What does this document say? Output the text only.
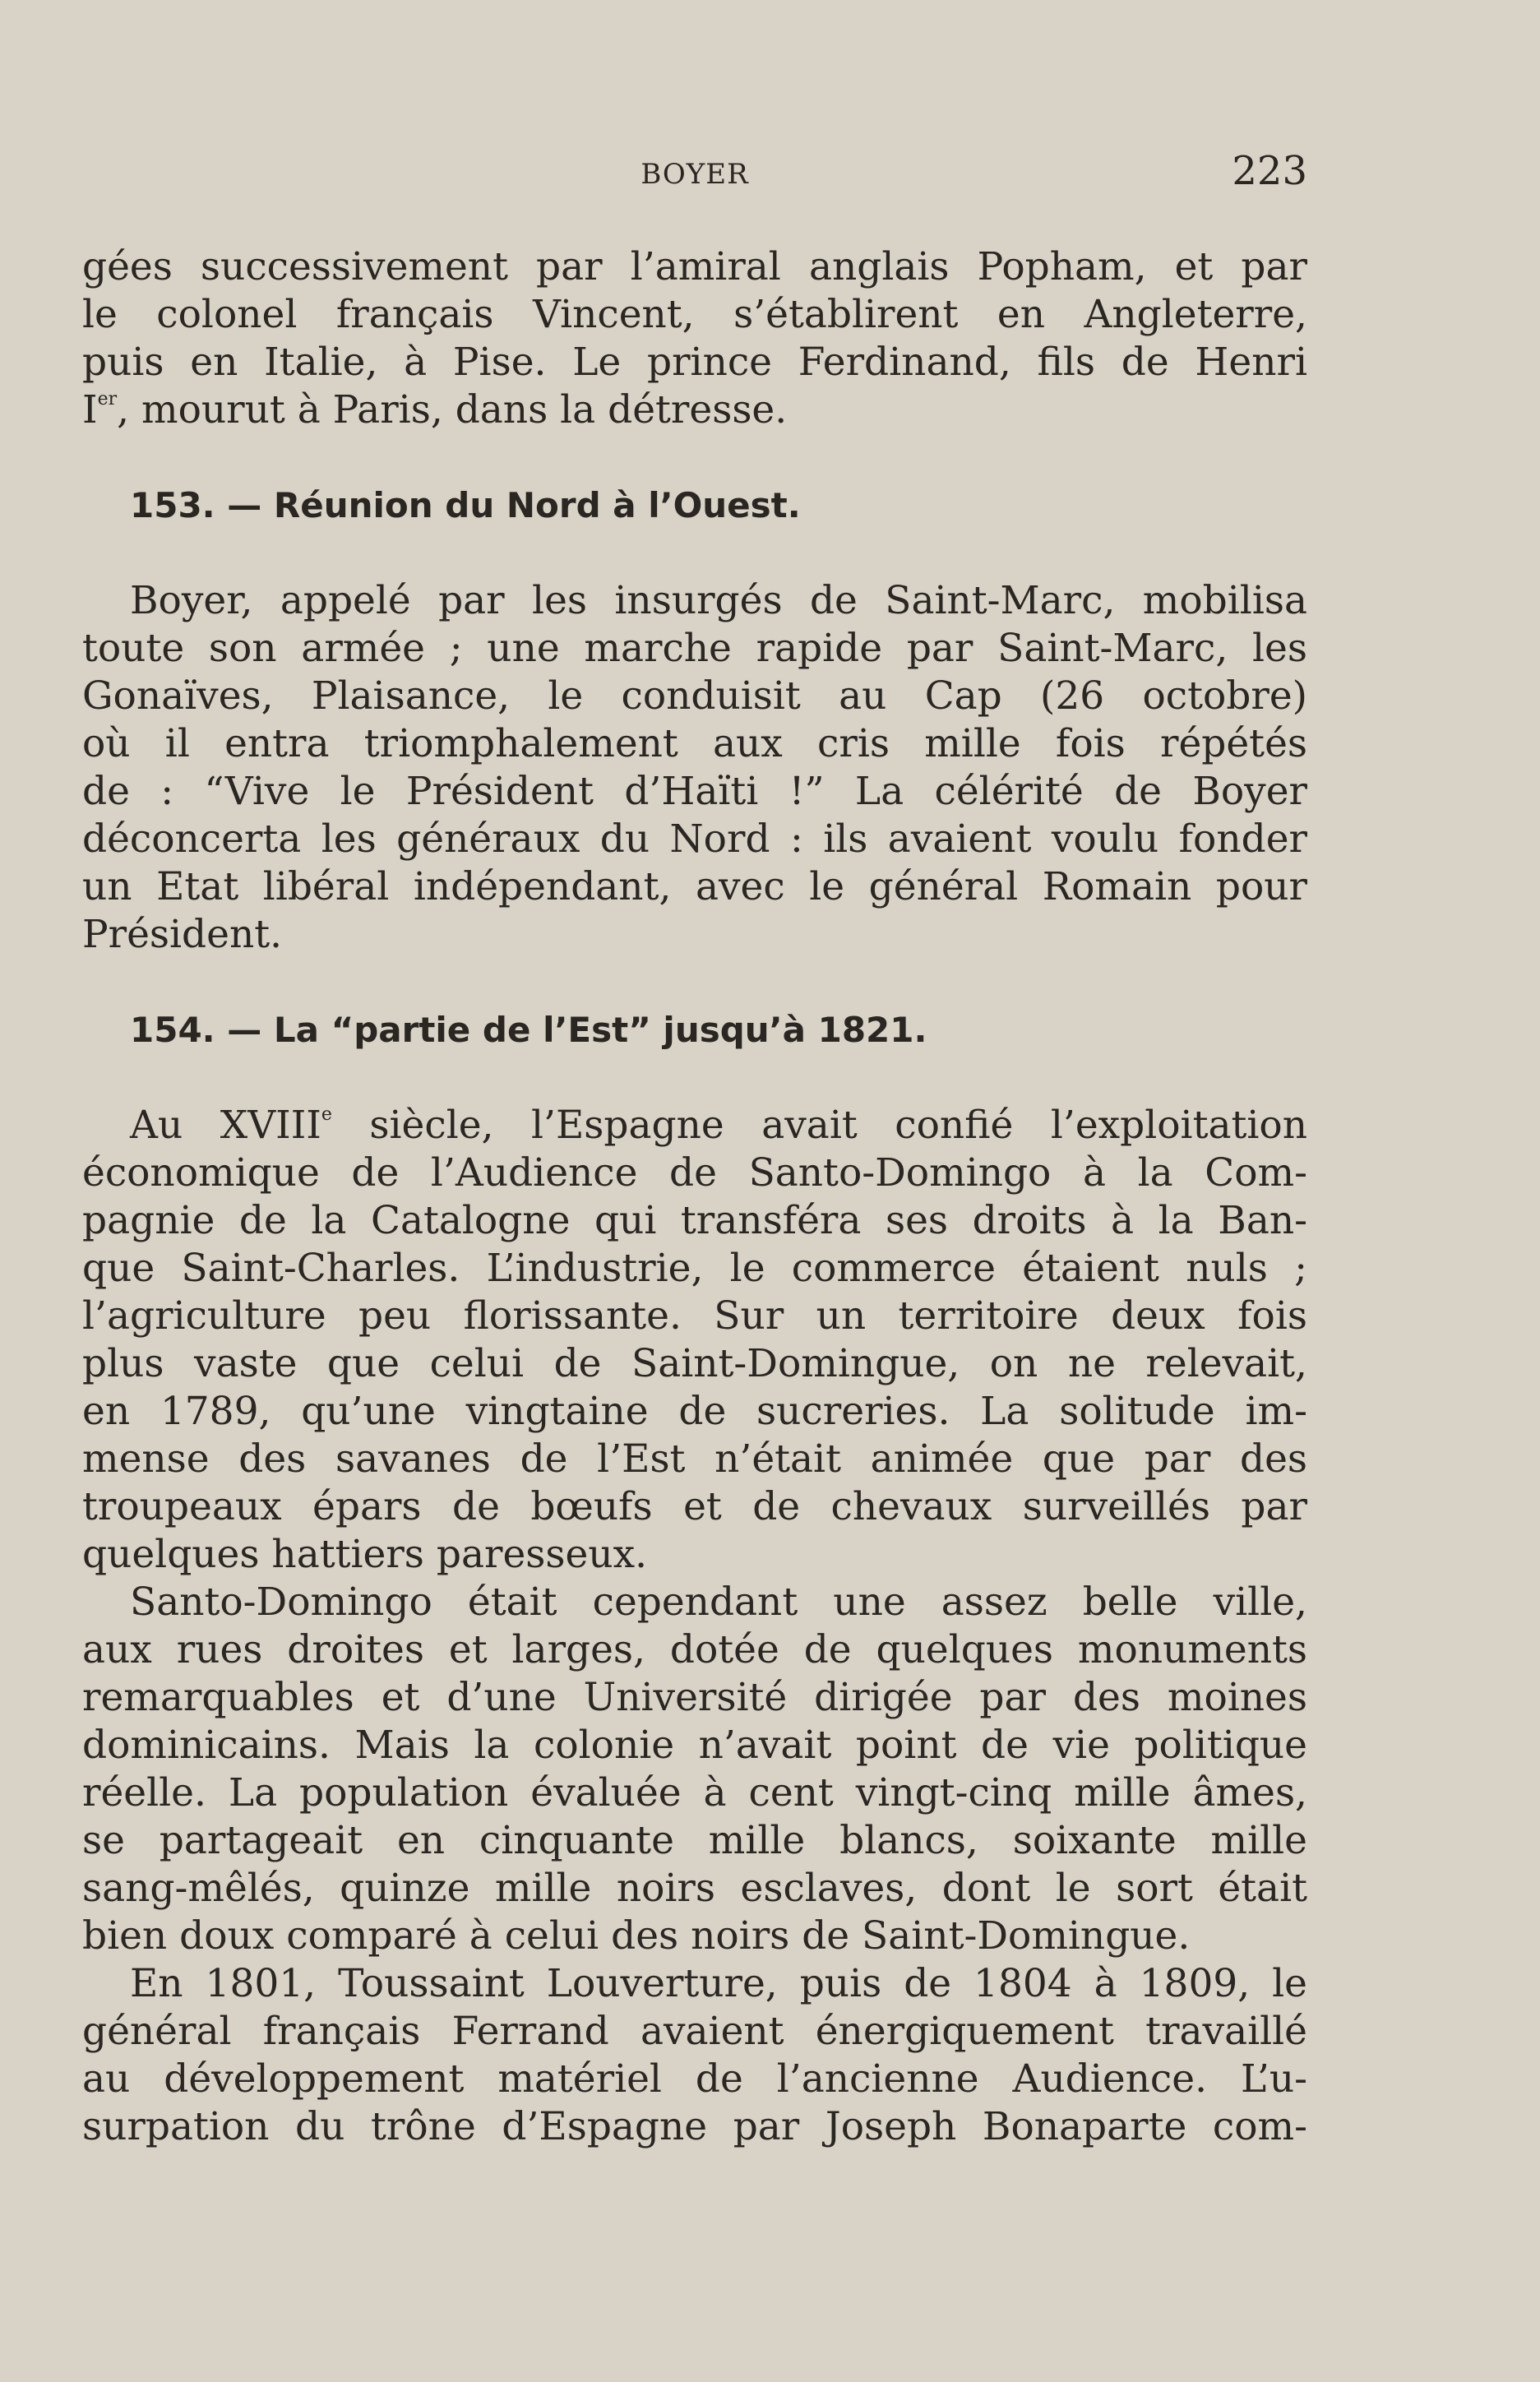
BOYER	223
gées successivement par l’amiral anglais Popham, et par
le colonel français Vincent, s’établirent en Angleterre,
puis en Italie, à Pise. Le prince Ferdinand, fils de Henri
Ier, mourut à Paris, dans la détresse.
153. — Réunion du Nord à l’Ouest.
Boyer, appelé par les insurgés de Saint-Marc, mobilisa
toute son armée ; une marche rapide par Saint-Marc, les
Gonaïves, Plaisance, le conduisit au Cap (26 octobre)
où il entra triomphalement aux cris mille fois répétés
de : “Vive le Président d’Haïti !” La célérité de Boyer
déconcerta les généraux du Nord : ils avaient voulu fonder
un Etat libéral indépendant, avec le général Romain pour
Président.
154. — La “partie de l’Est” jusqu’à 1821.
Au XVIIIe siècle, l’Espagne avait confié l’exploitation
économique de l’Audience de Santo-Domingo à la Com-
pagnie de la Catalogne qui transféra ses droits à la Ban-
que Saint-Charles. L’industrie, le commerce étaient nuls ;
l’agriculture peu florissante. Sur un territoire deux fois
plus vaste que celui de Saint-Domingue, on ne relevait,
en 1789, qu’une vingtaine de sucreries. La solitude im-
mense des savanes de l’Est n’était animée que par des
troupeaux épars de bœufs et de chevaux surveillés par
quelques hattiers paresseux.
Santo-Domingo était cependant une assez belle ville,
aux rues droites et larges, dotée de quelques monuments
remarquables et d’une Université dirigée par des moines
dominicains. Mais la colonie n’avait point de vie politique
réelle. La population évaluée à cent vingt-cinq mille âmes,
se partageait en cinquante mille blancs, soixante mille
sang-mêlés, quinze mille noirs esclaves, dont le sort était
bien doux comparé à celui des noirs de Saint-Domingue.
En 1801, Toussaint Louverture, puis de 1804 à 1809, le
général français Ferrand avaient énergiquement travaillé
au développement matériel de l’ancienne Audience. L’u-
surpation du trône d’Espagne par Joseph Bonaparte com-
